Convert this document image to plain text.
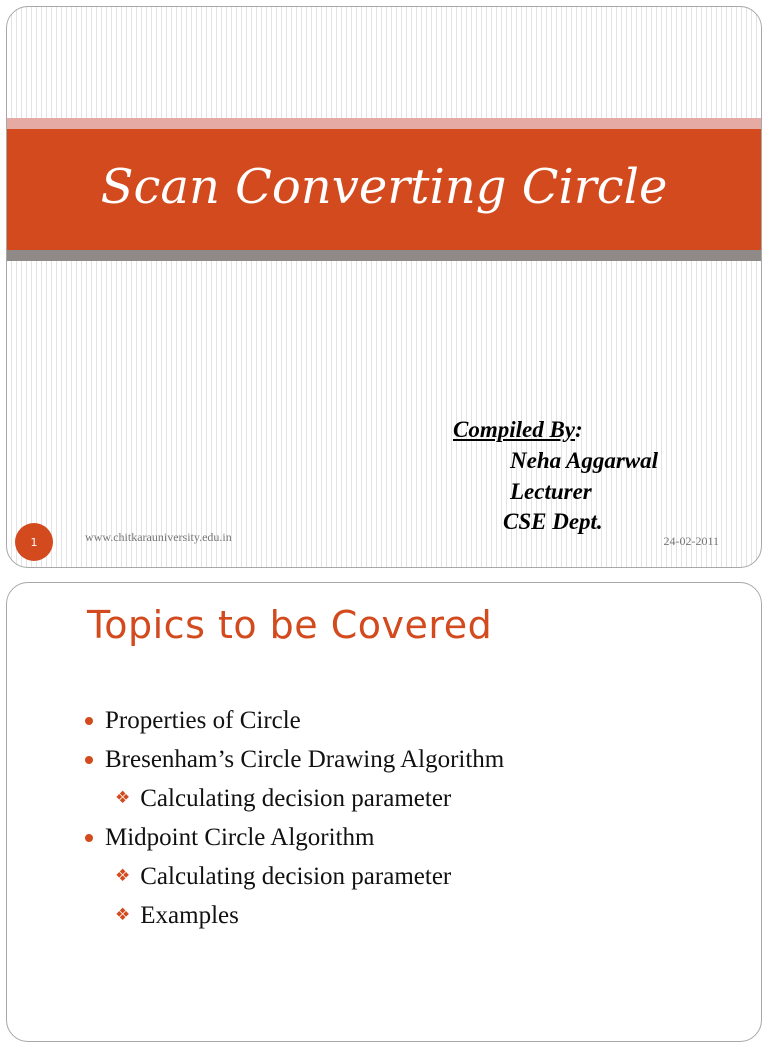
Scan Converting Circle
Compiled By:
Neha Aggarwal
Lecturer
CSE Dept.
1	www.chitkarauniversity.edu.in	24-02-2011
Topics to be Covered
Properties of Circle
Bresenham’s Circle Drawing Algorithm
❖ Calculating decision parameter
Midpoint Circle Algorithm
❖ Calculating decision parameter
❖ Examples
